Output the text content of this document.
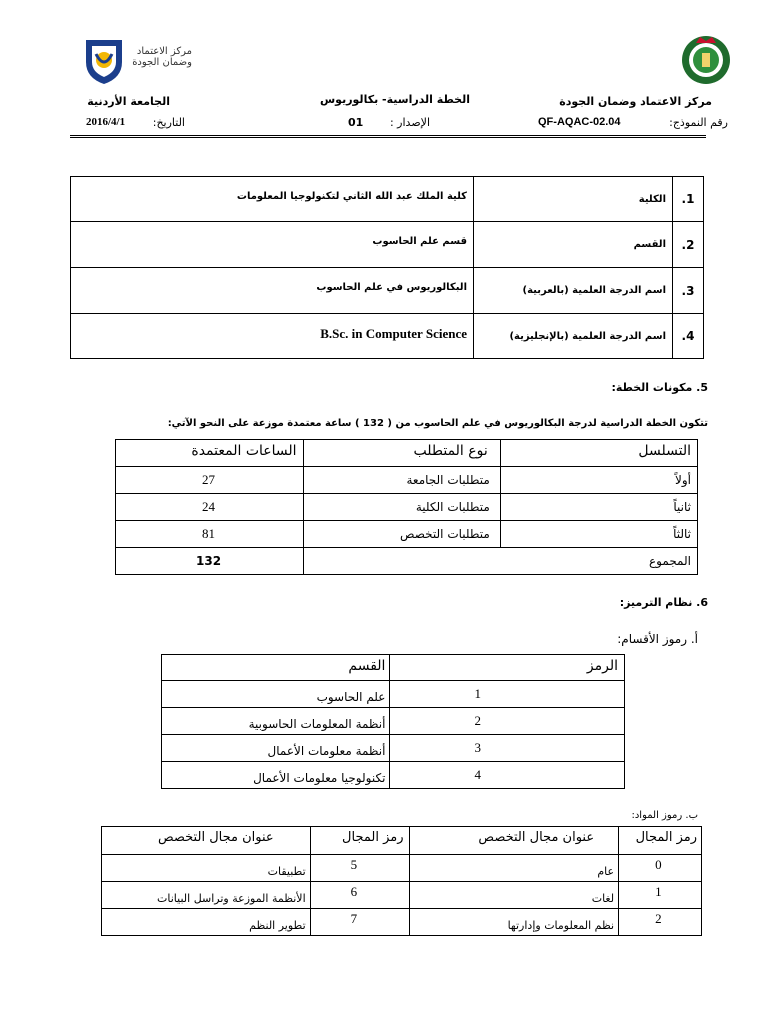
مركز الاعتماد
وضمان الجودة
مركز الاعتماد وضمان الجودة
الخطة الدراسية- بكالوريوس
الجامعة الأردنية
رقم النموذج:
QF-AQAC-02.04
الإصدار :
01
التاريخ:
2016/4/1
كلية الملك عبد الله الثاني لتكنولوجيا المعلومات	الكلية	1.

قسم علم الحاسوب	القسم	2.

البكالوريوس في علم الحاسوب	اسم الدرجة العلمية (بالعربية)	3.

B.Sc. in Computer Science	اسم الدرجة العلمية (بالإنجليزية)	4.
5. مكونات الخطة:
تتكون الخطة الدراسية لدرجة البكالوريوس في علم الحاسوب من ( 132 ) ساعة معتمدة موزعة على النحو الآتي:
الساعات المعتمدة	نوع المتطلب	التسلسل

27	متطلبات الجامعة	أولاً

24	متطلبات الكلية	ثانياً

81	متطلبات التخصص	ثالثاً

132	المجموع	
6. نظام الترميز:
أ. رموز الأقسام:
القسم	الرمز

علم الحاسوب	1

أنظمة المعلومات الحاسوبية	2

أنظمة معلومات الأعمال	3

تكنولوجيا معلومات الأعمال	4
ب. رموز المواد:
عنوان مجال التخصص	رمز المجال	عنوان مجال التخصص	رمز المجال

تطبيقات	5	عام	0

الأنظمة الموزعة وتراسل البيانات	6	لغات	1

تطوير النظم	7	نظم المعلومات وإدارتها	2
